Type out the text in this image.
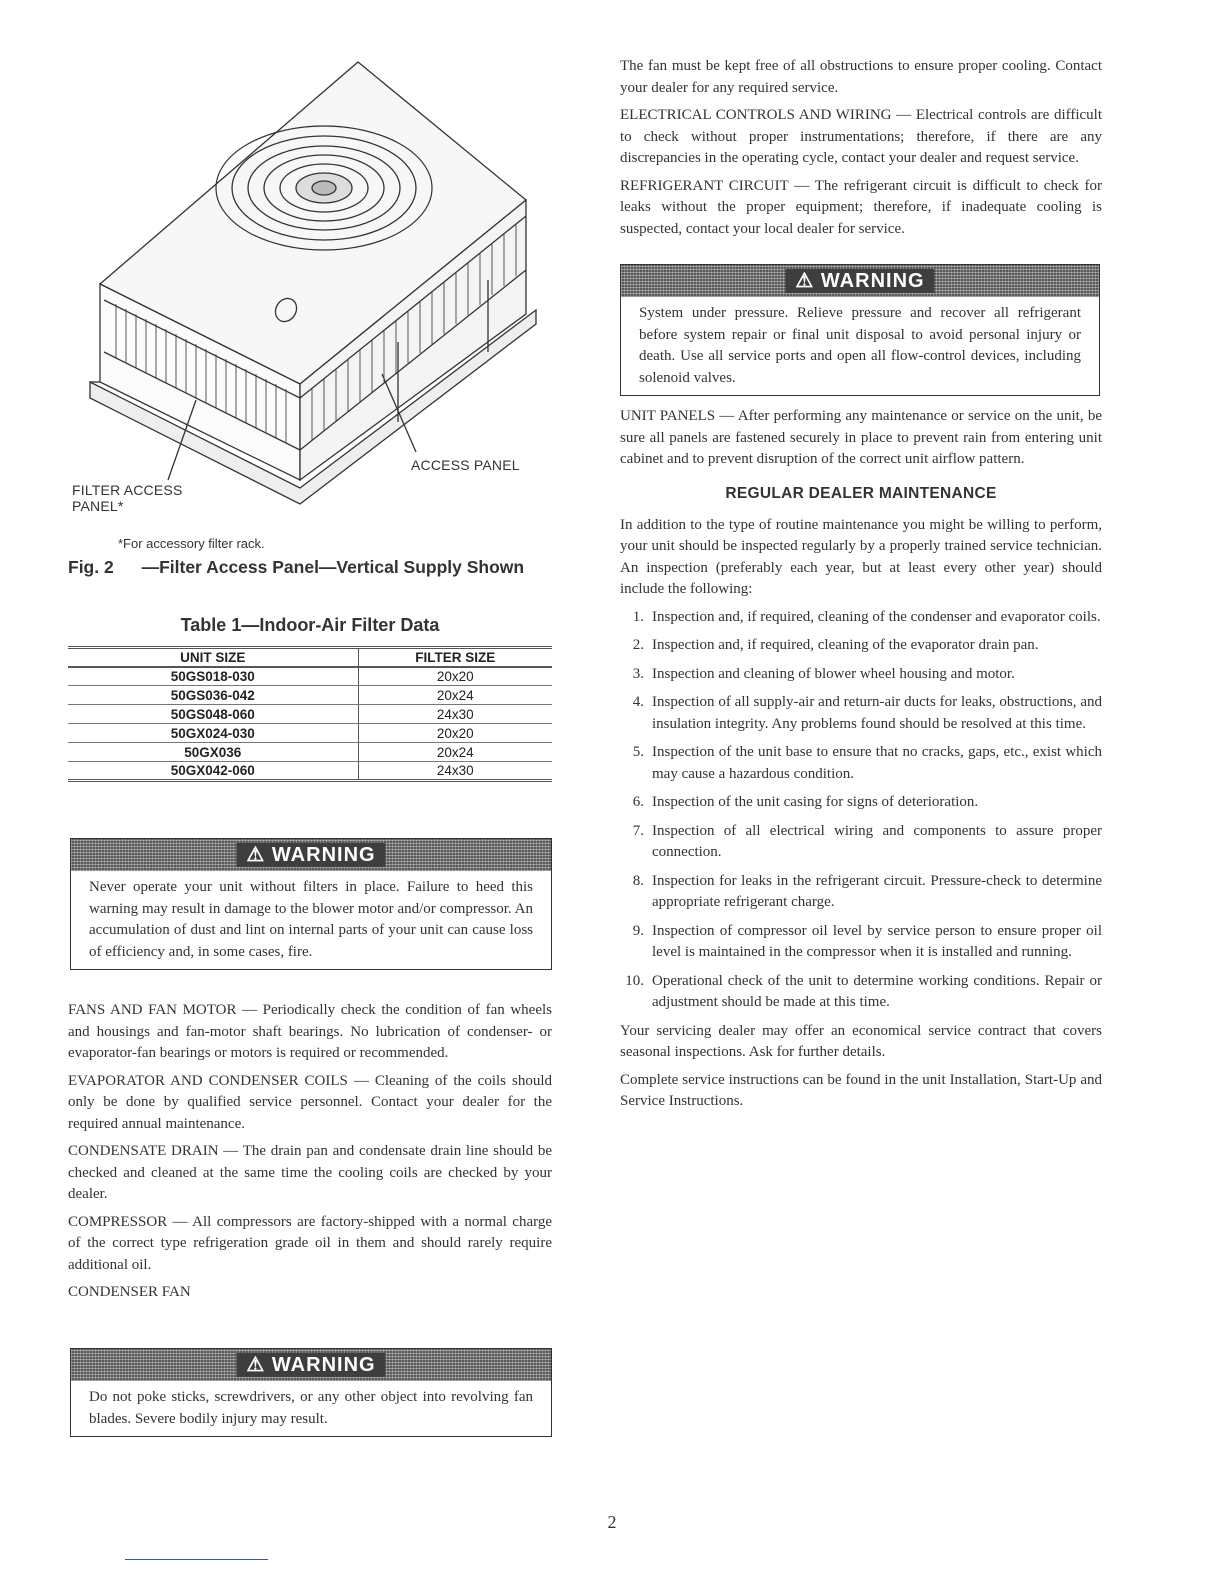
ACCESS PANEL
FILTER ACCESS
PANEL*
*For accessory filter rack.
Fig. 2 —Filter Access Panel—Vertical Supply Shown
Table 1—Indoor-Air Filter Data
UNIT SIZE	FILTER SIZE
50GS018-030	20x20
50GS036-042	20x24
50GS048-060	24x30
50GX024-030	20x20
50GX036	20x24
50GX042-060	24x30
⚠ WARNING
Never operate your unit without filters in place. Failure to heed this warning may result in damage to the blower motor and/or compressor. An accumulation of dust and lint on internal parts of your unit can cause loss of efficiency and, in some cases, fire.

FANS AND FAN MOTOR — Periodically check the condition of fan wheels and housings and fan-motor shaft bearings. No lubrication of condenser- or evaporator-fan bearings or motors is required or recommended.

EVAPORATOR AND CONDENSER COILS — Cleaning of the coils should only be done by qualified service personnel. Contact your dealer for the required annual maintenance.

CONDENSATE DRAIN — The drain pan and condensate drain line should be checked and cleaned at the same time the cooling coils are checked by your dealer.

COMPRESSOR — All compressors are factory-shipped with a normal charge of the correct type refrigeration grade oil in them and should rarely require additional oil.

CONDENSER FAN

⚠ WARNING
Do not poke sticks, screwdrivers, or any other object into revolving fan blades. Severe bodily injury may result.

The fan must be kept free of all obstructions to ensure proper cooling. Contact your dealer for any required service.

ELECTRICAL CONTROLS AND WIRING — Electrical controls are difficult to check without proper instrumentations; therefore, if there are any discrepancies in the operating cycle, contact your dealer and request service.

REFRIGERANT CIRCUIT — The refrigerant circuit is difficult to check for leaks without the proper equipment; therefore, if inadequate cooling is suspected, contact your local dealer for service.

⚠ WARNING
System under pressure. Relieve pressure and recover all refrigerant before system repair or final unit disposal to avoid personal injury or death. Use all service ports and open all flow-control devices, including solenoid valves.

UNIT PANELS — After performing any maintenance or service on the unit, be sure all panels are fastened securely in place to prevent rain from entering unit cabinet and to prevent disruption of the correct unit airflow pattern.

REGULAR DEALER MAINTENANCE

In addition to the type of routine maintenance you might be willing to perform, your unit should be inspected regularly by a properly trained service technician. An inspection (preferably each year, but at least every other year) should include the following:

1. Inspection and, if required, cleaning of the condenser and evaporator coils.
2. Inspection and, if required, cleaning of the evaporator drain pan.
3. Inspection and cleaning of blower wheel housing and motor.
4. Inspection of all supply-air and return-air ducts for leaks, obstructions, and insulation integrity. Any problems found should be resolved at this time.
5. Inspection of the unit base to ensure that no cracks, gaps, etc., exist which may cause a hazardous condition.
6. Inspection of the unit casing for signs of deterioration.
7. Inspection of all electrical wiring and components to assure proper connection.
8. Inspection for leaks in the refrigerant circuit. Pressure-check to determine appropriate refrigerant charge.
9. Inspection of compressor oil level by service person to ensure proper oil level is maintained in the compressor when it is installed and running.
10. Operational check of the unit to determine working conditions. Repair or adjustment should be made at this time.

Your servicing dealer may offer an economical service contract that covers seasonal inspections. Ask for further details.

Complete service instructions can be found in the unit Installation, Start-Up and Service Instructions.

2
